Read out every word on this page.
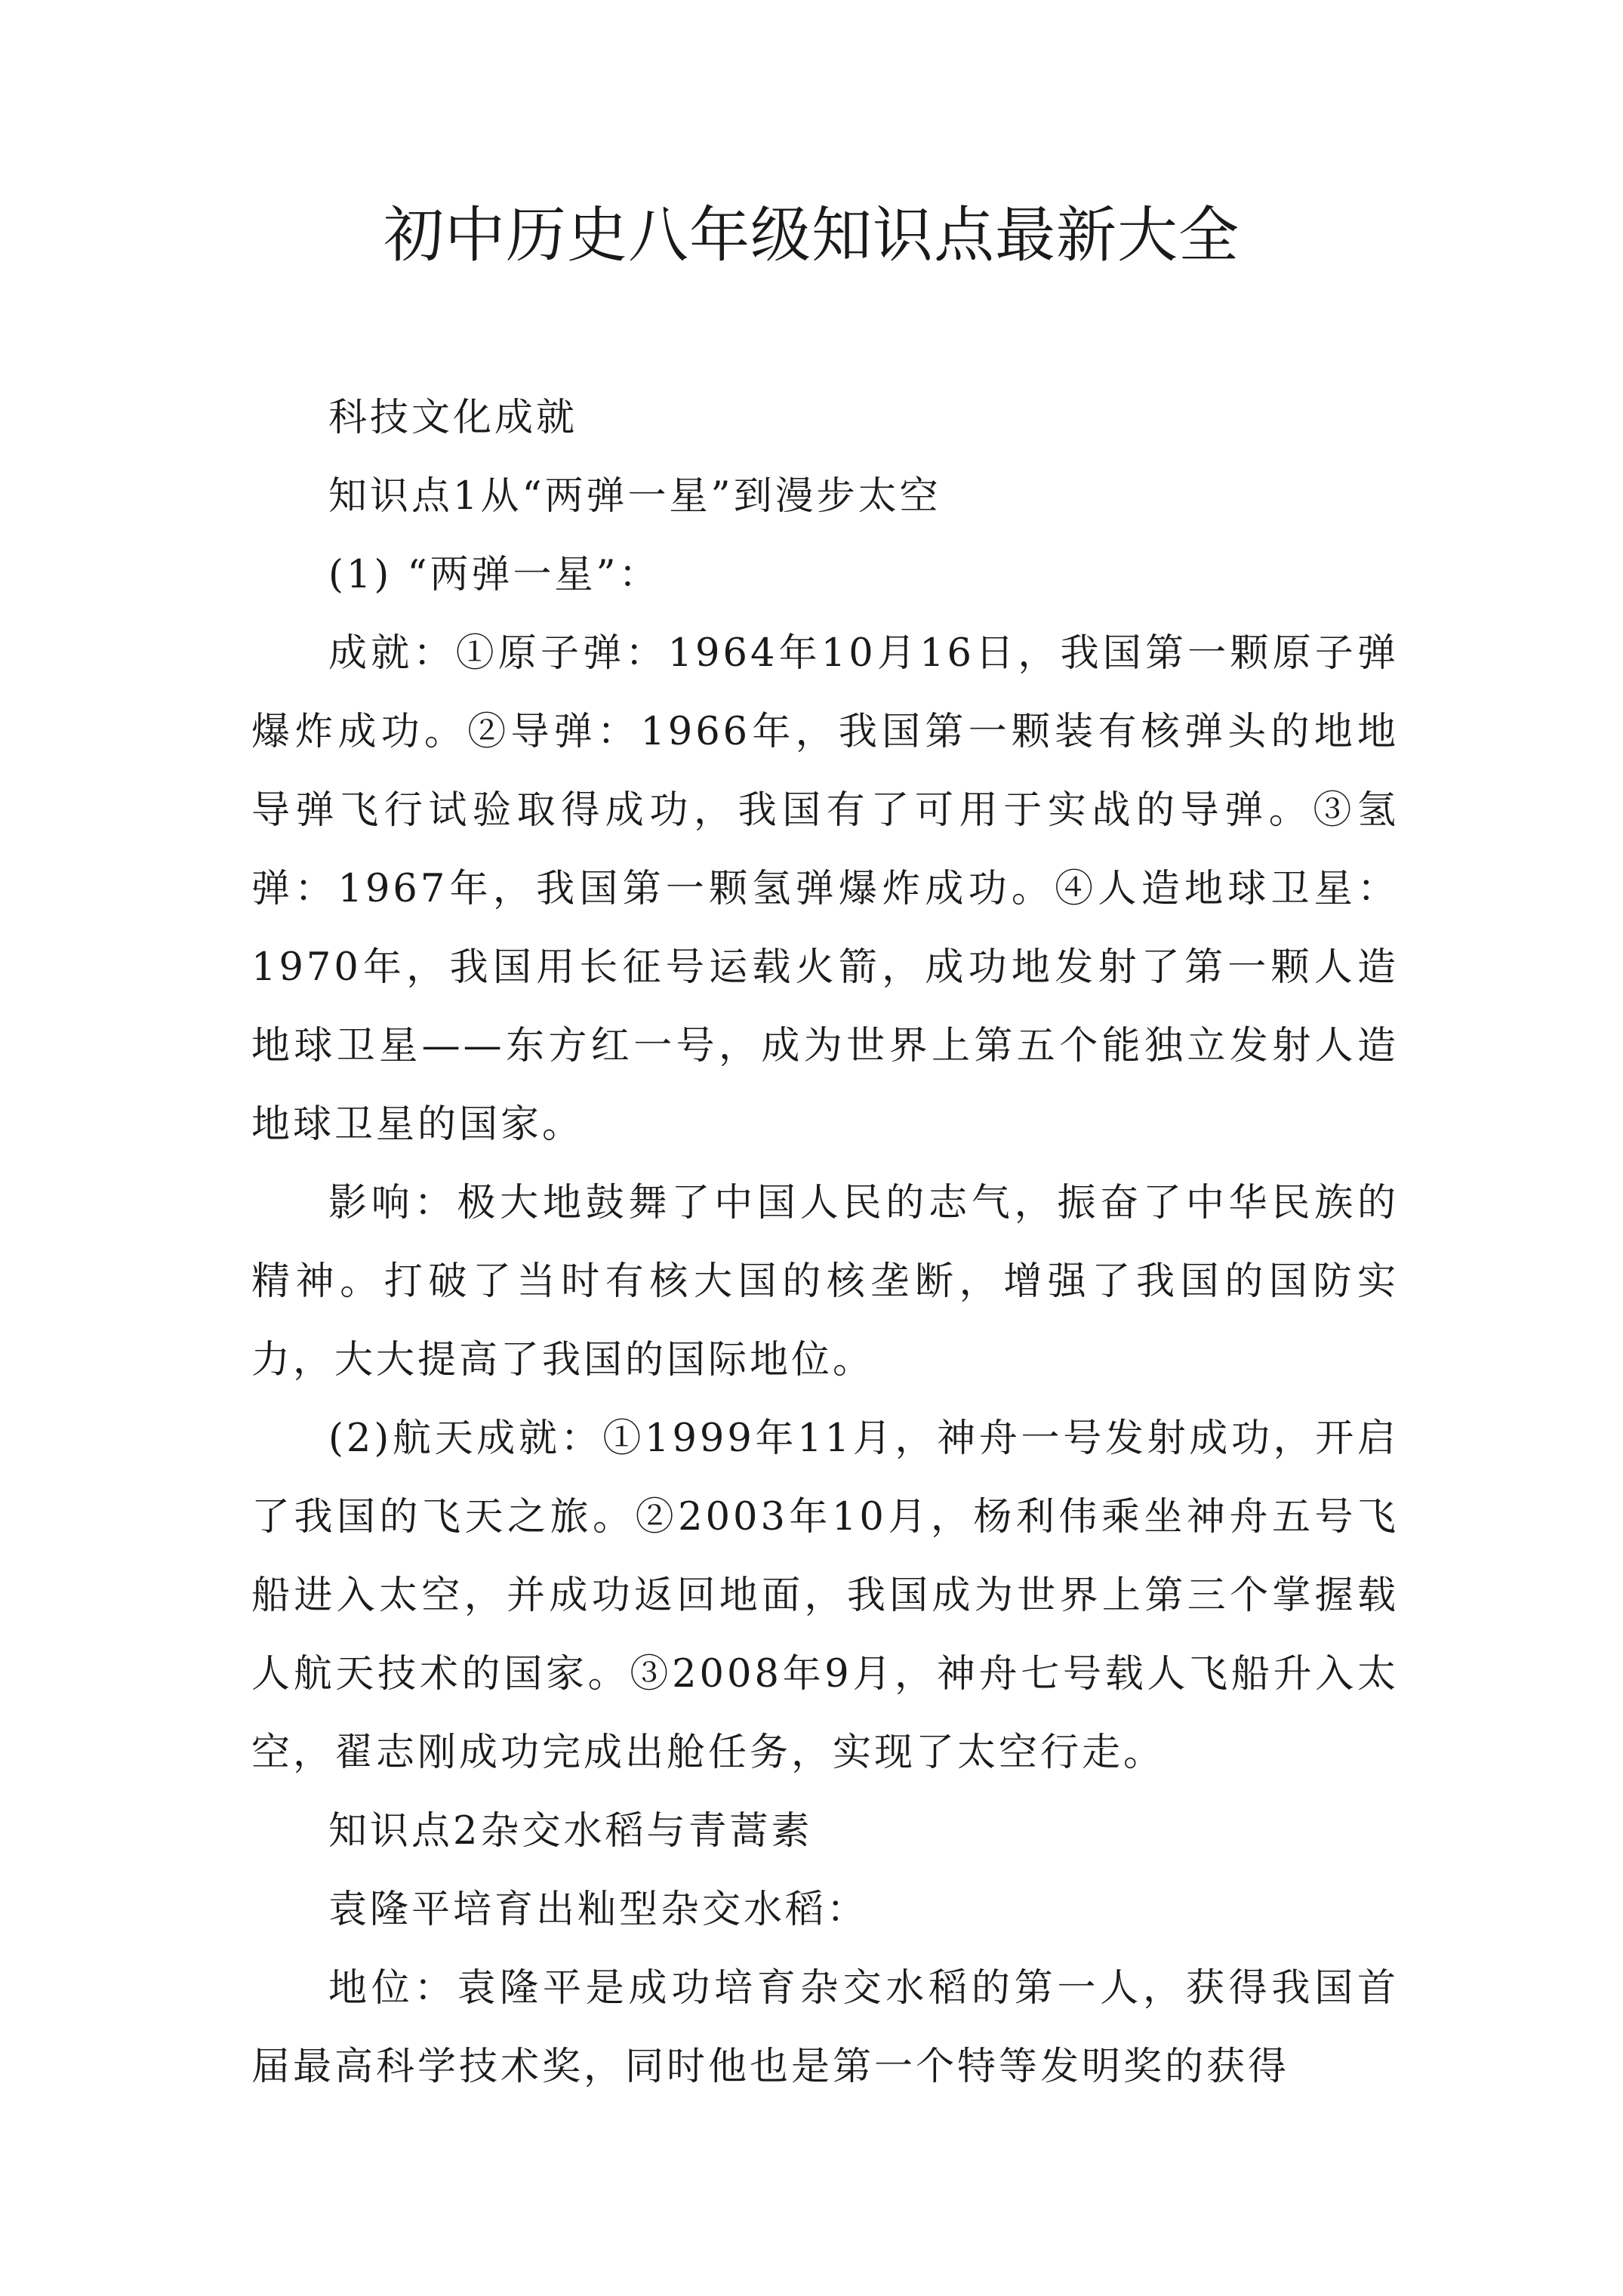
初中历史八年级知识点最新大全

科技文化成就

知识点1从“两弹一星”到漫步太空

(1) “两弹一星”：

成就：①原子弹：1964年10月16日，我国第一颗原子弹爆炸成功。②导弹：1966年，我国第一颗装有核弹头的地地导弹飞行试验取得成功，我国有了可用于实战的导弹。③氢弹：1967年，我国第一颗氢弹爆炸成功。④人造地球卫星：1970年，我国用长征号运载火箭，成功地发射了第一颗人造地球卫星——东方红一号，成为世界上第五个能独立发射人造地球卫星的国家。

影响：极大地鼓舞了中国人民的志气，振奋了中华民族的精神。打破了当时有核大国的核垄断，增强了我国的国防实力，大大提高了我国的国际地位。

(2)航天成就：①1999年11月，神舟一号发射成功，开启了我国的飞天之旅。②2003年10月，杨利伟乘坐神舟五号飞船进入太空，并成功返回地面，我国成为世界上第三个掌握载人航天技术的国家。③2008年9月，神舟七号载人飞船升入太空，翟志刚成功完成出舱任务，实现了太空行走。

知识点2杂交水稻与青蒿素

袁隆平培育出籼型杂交水稻：

地位：袁隆平是成功培育杂交水稻的第一人，获得我国首届最高科学技术奖，同时他也是第一个特等发明奖的获得
